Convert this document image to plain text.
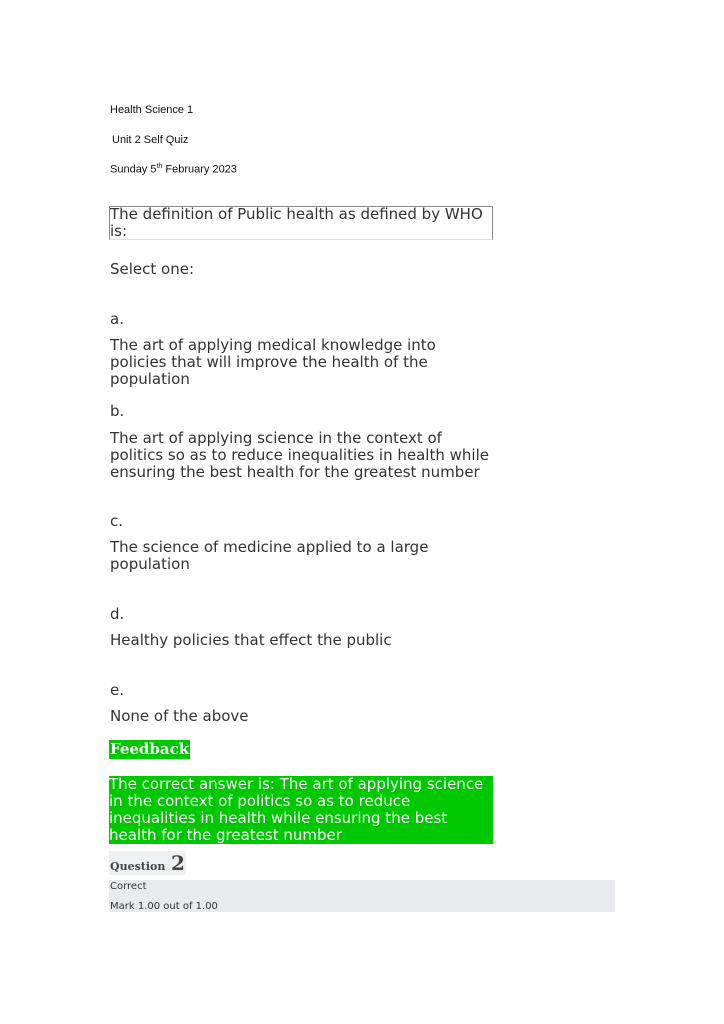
Health Science 1
Unit 2 Self Quiz
Sunday 5th February 2023

The definition of Public health as defined by WHO is:

Select one:

a.

The art of applying medical knowledge into policies that will improve the health of the population

b.

The art of applying science in the context of politics so as to reduce inequalities in health while ensuring the best health for the greatest number

c.

The science of medicine applied to a large population

d.

Healthy policies that effect the public

e.

None of the above

Feedback

The correct answer is: The art of applying science in the context of politics so as to reduce inequalities in health while ensuring the best health for the greatest number

Question 2
Correct
Mark 1.00 out of 1.00
